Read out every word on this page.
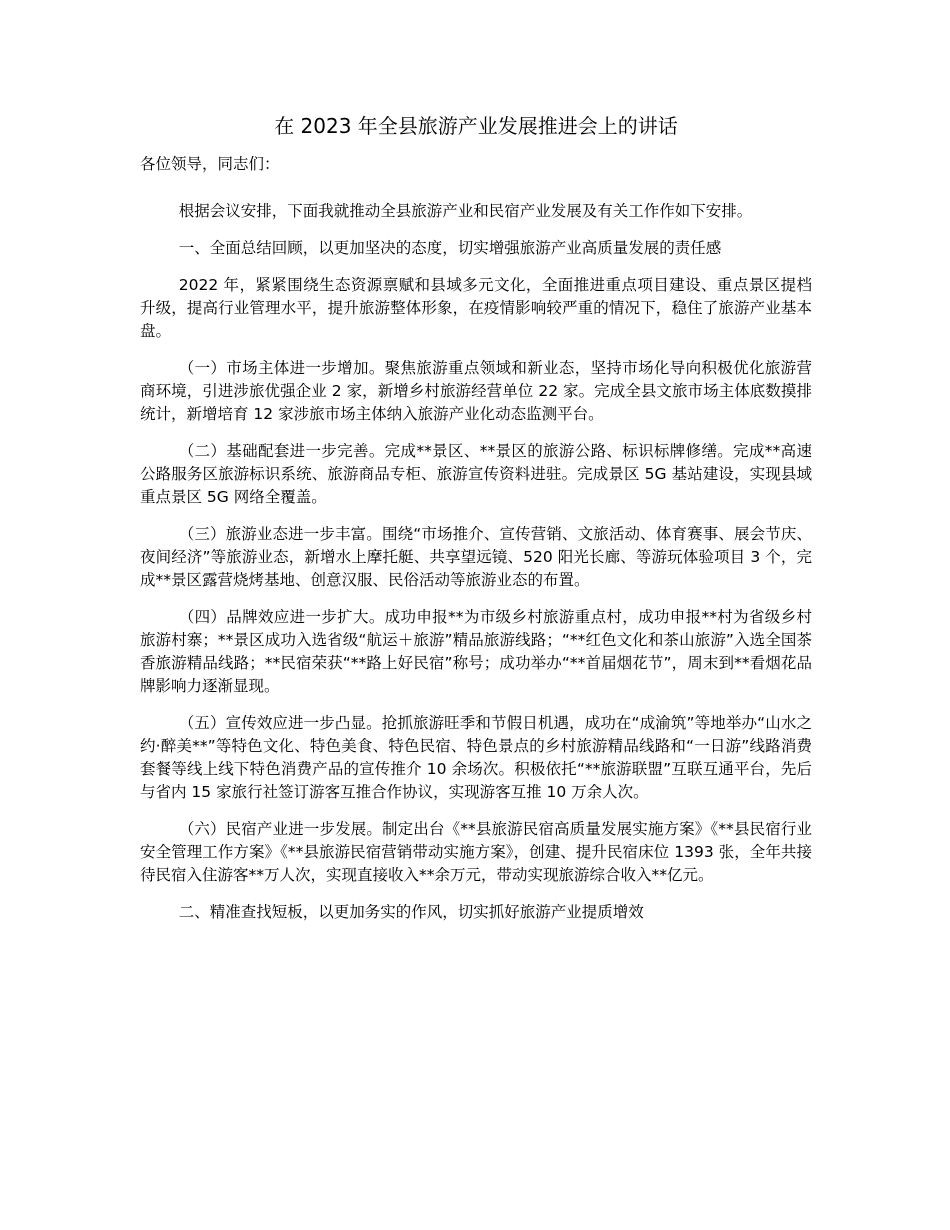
在 2023 年全县旅游产业发展推进会上的讲话

各位领导，同志们：

根据会议安排，下面我就推动全县旅游产业和民宿产业发展及有关工作作如下安排。

一、全面总结回顾，以更加坚决的态度，切实增强旅游产业高质量发展的责任感

2022 年，紧紧围绕生态资源禀赋和县域多元文化，全面推进重点项目建设、重点景区提档升级，提高行业管理水平，提升旅游整体形象，在疫情影响较严重的情况下，稳住了旅游产业基本盘。

（一）市场主体进一步增加。聚焦旅游重点领域和新业态，坚持市场化导向积极优化旅游营商环境，引进涉旅优强企业 2 家，新增乡村旅游经营单位 22 家。完成全县文旅市场主体底数摸排统计，新增培育 12 家涉旅市场主体纳入旅游产业化动态监测平台。

（二）基础配套进一步完善。完成**景区、**景区的旅游公路、标识标牌修缮。完成**高速公路服务区旅游标识系统、旅游商品专柜、旅游宣传资料进驻。完成景区 5G 基站建设，实现县域重点景区 5G 网络全覆盖。

（三）旅游业态进一步丰富。围绕“市场推介、宣传营销、文旅活动、体育赛事、展会节庆、夜间经济”等旅游业态，新增水上摩托艇、共享望远镜、520 阳光长廊、等游玩体验项目 3 个，完成**景区露营烧烤基地、创意汉服、民俗活动等旅游业态的布置。

（四）品牌效应进一步扩大。成功申报**为市级乡村旅游重点村，成功申报**村为省级乡村旅游村寨；**景区成功入选省级“航运＋旅游”精品旅游线路；“**红色文化和茶山旅游”入选全国茶香旅游精品线路；**民宿荣获“**路上好民宿”称号；成功举办“**首届烟花节”，周末到**看烟花品牌影响力逐渐显现。

（五）宣传效应进一步凸显。抢抓旅游旺季和节假日机遇，成功在“成渝筑”等地举办“山水之约·醉美**”等特色文化、特色美食、特色民宿、特色景点的乡村旅游精品线路和“一日游”线路消费套餐等线上线下特色消费产品的宣传推介 10 余场次。积极依托“**旅游联盟”互联互通平台，先后与省内 15 家旅行社签订游客互推合作协议，实现游客互推 10 万余人次。

（六）民宿产业进一步发展。制定出台《**县旅游民宿高质量发展实施方案》《**县民宿行业安全管理工作方案》《**县旅游民宿营销带动实施方案》，创建、提升民宿床位 1393 张，全年共接待民宿入住游客**万人次，实现直接收入**余万元，带动实现旅游综合收入**亿元。

二、精准查找短板，以更加务实的作风，切实抓好旅游产业提质增效
